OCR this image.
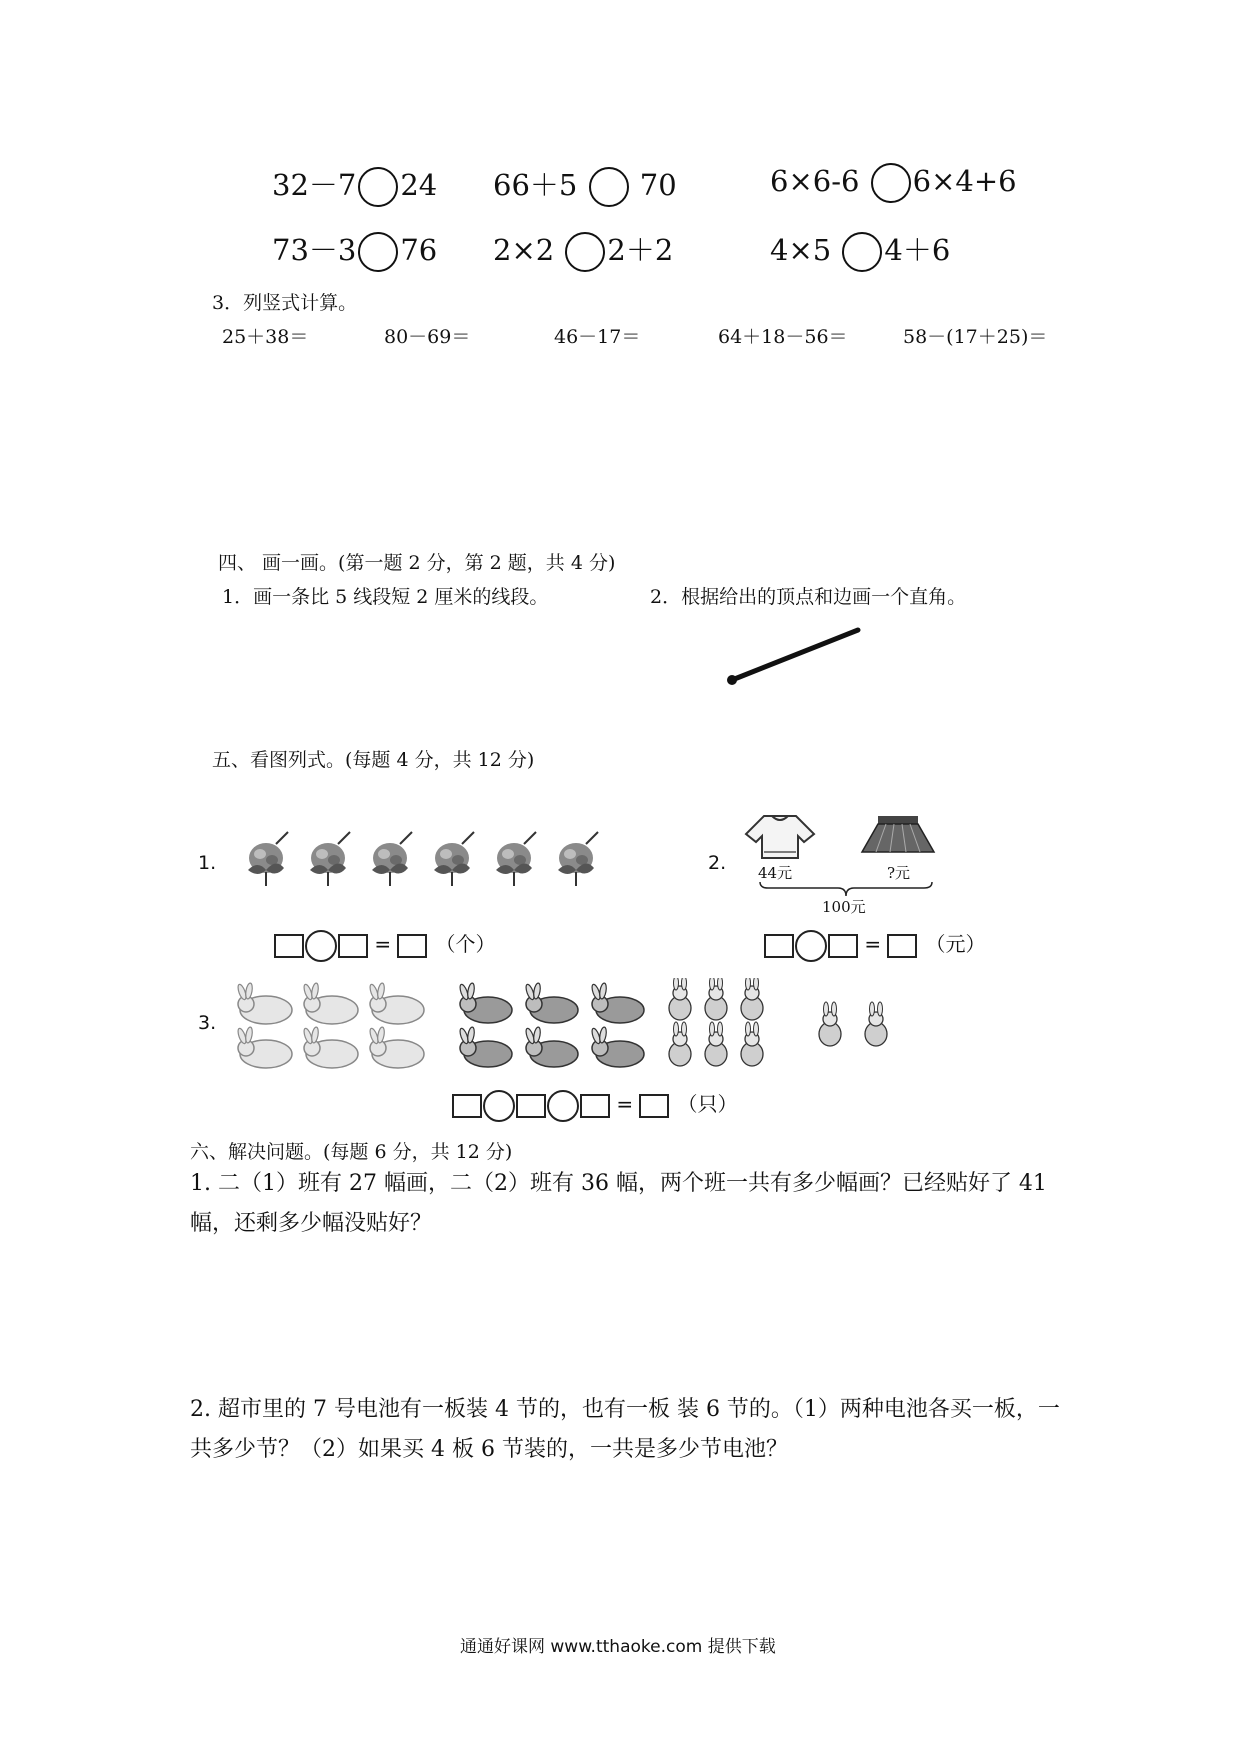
32－7 24 66＋5  70	6×6-6 6×4+6
73－3 76 2×2 2＋2	4×5 4＋6
3．列竖式计算。
25＋38＝	80－69＝	46－17＝	64＋18－56＝	58－(17＋25)＝
四、 画一画。(第一题 2 分，第 2 题，共 4 分)
1．画一条比 5 线段短 2 厘米的线段。	2．根据给出的顶点和边画一个直角。
五、看图列式。(每题 4 分，共 12 分)
1.
= （个）
2. 44元	?元
100元
= （元）
3.
= （只）
六、解决问题。(每题 6 分，共 12 分)
1. 二（1）班有 27 幅画，二（2）班有 36 幅，两个班一共有多少幅画？已经贴好了 41 幅，还剩多少幅没贴好？
2. 超市里的 7 号电池有一板装 4 节的，也有一板 装 6 节的。（1）两种电池各买一板，一共多少节？（2）如果买 4 板 6 节装的，一共是多少节电池？
通通好课网 www.tthaoke.com 提供下载
